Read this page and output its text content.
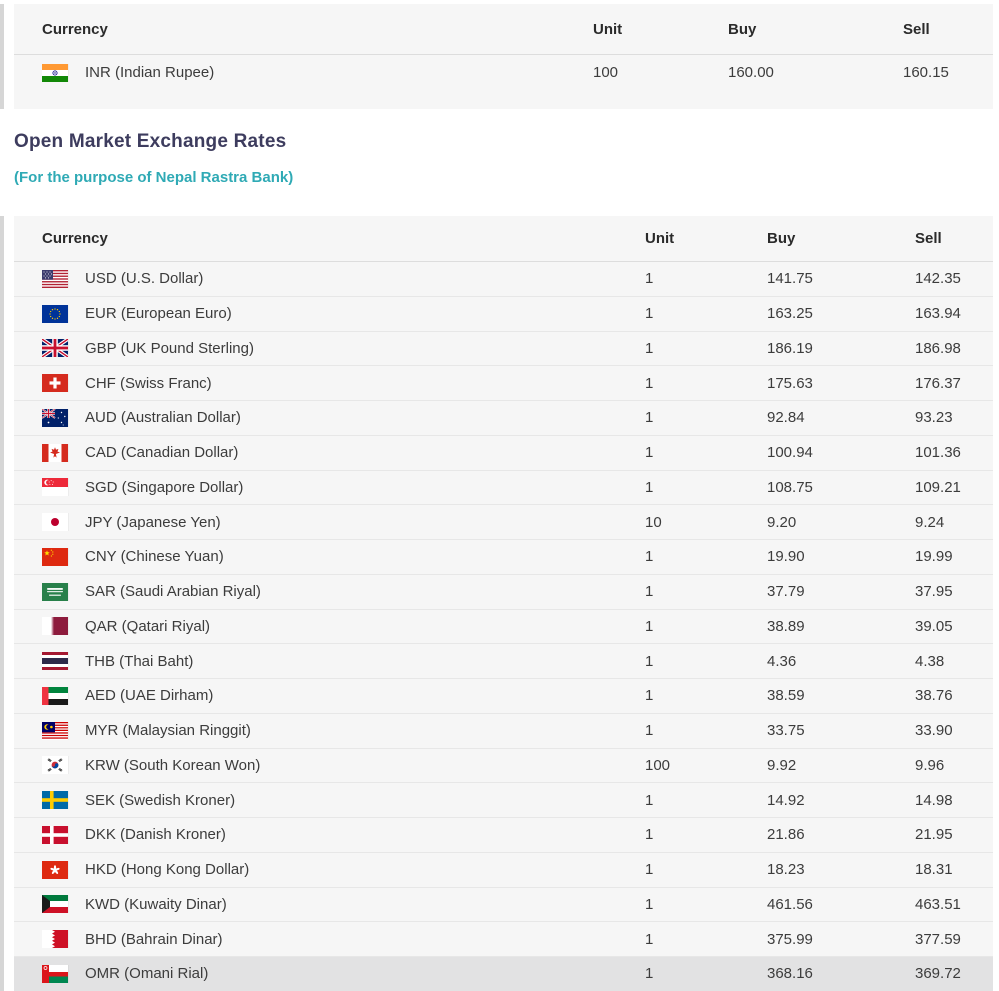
Currency	Unit	Buy	Sell
INR (Indian Rupee)	100	160.00	160.15
Open Market Exchange Rates
(For the purpose of Nepal Rastra Bank)
Currency	Unit	Buy	Sell
USD (U.S. Dollar)	1	141.75	142.35
EUR (European Euro)	1	163.25	163.94
GBP (UK Pound Sterling)	1	186.19	186.98
CHF (Swiss Franc)	1	175.63	176.37
AUD (Australian Dollar)	1	92.84	93.23
CAD (Canadian Dollar)	1	100.94	101.36
SGD (Singapore Dollar)	1	108.75	109.21
JPY (Japanese Yen)	10	9.20	9.24
CNY (Chinese Yuan)	1	19.90	19.99
SAR (Saudi Arabian Riyal)	1	37.79	37.95
QAR (Qatari Riyal)	1	38.89	39.05
THB (Thai Baht)	1	4.36	4.38
AED (UAE Dirham)	1	38.59	38.76
MYR (Malaysian Ringgit)	1	33.75	33.90
KRW (South Korean Won)	100	9.92	9.96
SEK (Swedish Kroner)	1	14.92	14.98
DKK (Danish Kroner)	1	21.86	21.95
HKD (Hong Kong Dollar)	1	18.23	18.31
KWD (Kuwaity Dinar)	1	461.56	463.51
BHD (Bahrain Dinar)	1	375.99	377.59
OMR (Omani Rial)	1	368.16	369.72
